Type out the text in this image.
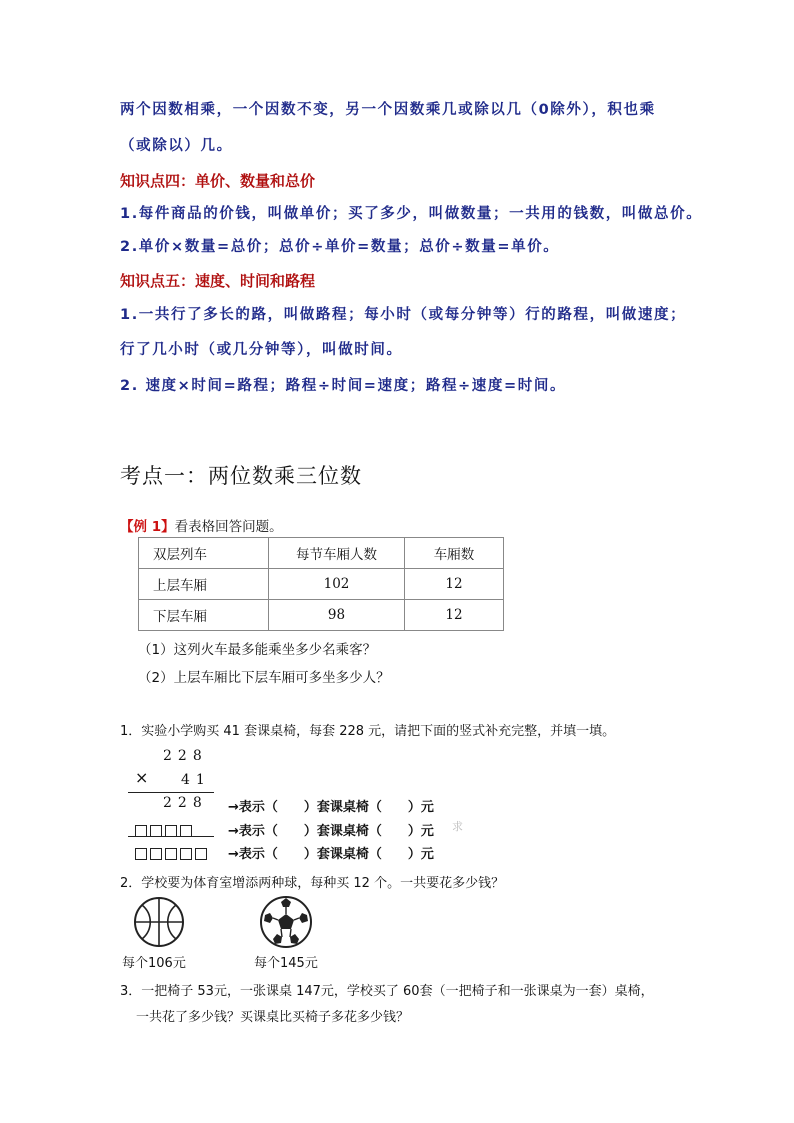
两个因数相乘，一个因数不变，另一个因数乘几或除以几（0除外），积也乘
（或除以）几。
知识点四：单价、数量和总价
1.每件商品的价钱，叫做单价；买了多少，叫做数量；一共用的钱数，叫做总价。
2.单价×数量=总价；总价÷单价=数量；总价÷数量=单价。
知识点五：速度、时间和路程
1.一共行了多长的路，叫做路程；每小时（或每分钟等）行的路程，叫做速度；
行了几小时（或几分钟等），叫做时间。
2. 速度×时间=路程；路程÷时间=速度；路程÷速度=时间。
考点一：两位数乘三位数
【例 1】看表格回答问题。
双层列车	每节车厢人数	车厢数
上层车厢	102	12
下层车厢	98	12
（1）这列火车最多能乘坐多少名乘客？
（2）上层车厢比下层车厢可多坐多少人？
1．实验小学购买 41 套课桌椅，每套 228 元，请把下面的竖式补充完整，并填一填。
228
× 41
228 →表示（　　）套课桌椅（　　）元
→表示（　　）套课桌椅（　　）元
→表示（　　）套课桌椅（　　）元
求
2．学校要为体育室增添两种球，每种买 12 个。一共要花多少钱？
每个106元	每个145元
3．一把椅子 53元，一张课桌 147元，学校买了 60套（一把椅子和一张课桌为一套）桌椅，
一共花了多少钱？买课桌比买椅子多花多少钱？
